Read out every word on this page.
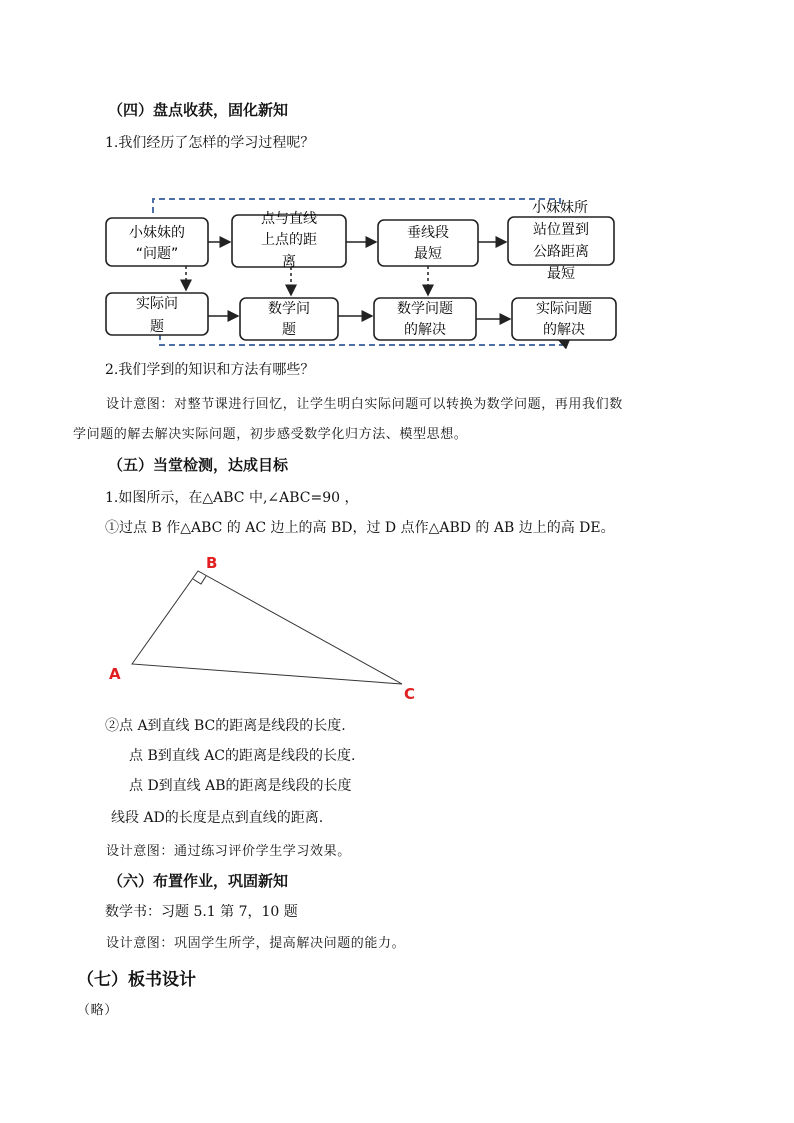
（四）盘点收获，固化新知
1.我们经历了怎样的学习过程呢？
小妹妹的“问题”
点与直线上点的距离
垂线段最短
小妹妹所站位置到公路距离最短
实际问题
数学问题
数学问题的解决
实际问题的解决
2.我们学到的知识和方法有哪些？
设计意图：对整节课进行回忆，让学生明白实际问题可以转换为数学问题，再用我们数
学问题的解去解决实际问题，初步感受数学化归方法、模型思想。
（五）当堂检测，达成目标
1.如图所示，在△ABC 中,∠ABC=90 ，
①过点 B 作△ABC 的 AC 边上的高 BD，过 D 点作△ABD 的 AB 边上的高 DE。
B
A
C
②点 A到直线 BC的距离是线段的长度.
点 B到直线 AC的距离是线段的长度.
点 D到直线 AB的距离是线段的长度
线段 AD的长度是点到直线的距离.
设计意图：通过练习评价学生学习效果。
（六）布置作业，巩固新知
数学书：习题 5.1 第 7，10 题
设计意图：巩固学生所学，提高解决问题的能力。
（七）板书设计
（略）
